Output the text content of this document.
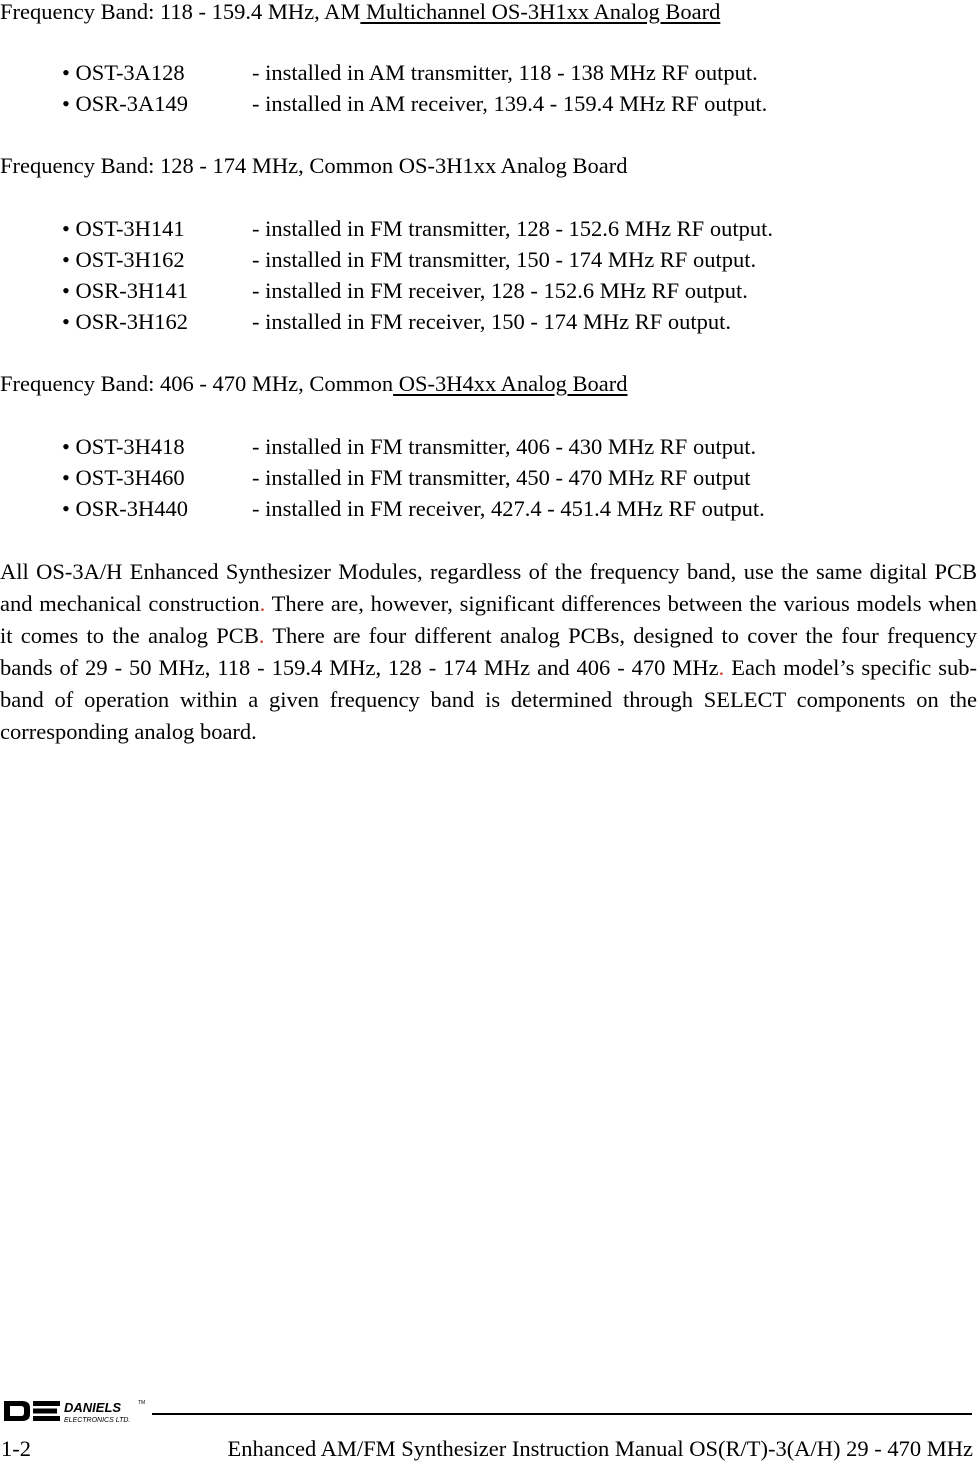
Frequency Band: 118 - 159.4 MHz, AM Multichannel OS-3H1xx Analog Board
• OST-3A128	- installed in AM transmitter, 118 - 138 MHz RF output.
• OSR-3A149	- installed in AM receiver, 139.4 - 159.4 MHz RF output.
Frequency Band: 128 - 174 MHz, Common OS-3H1xx Analog Board
• OST-3H141	- installed in FM transmitter, 128 - 152.6 MHz RF output.
• OST-3H162	- installed in FM transmitter, 150 - 174 MHz RF output.
• OSR-3H141	- installed in FM receiver, 128 - 152.6 MHz RF output.
• OSR-3H162	- installed in FM receiver, 150 - 174 MHz RF output.
Frequency Band: 406 - 470 MHz, Common OS-3H4xx Analog Board
• OST-3H418	- installed in FM transmitter, 406 - 430 MHz RF output.
• OST-3H460	- installed in FM transmitter, 450 - 470 MHz RF output
• OSR-3H440	- installed in FM receiver, 427.4 - 451.4 MHz RF output.
All OS-3A/H Enhanced Synthesizer Modules, regardless of the frequency band, use the same digital PCB and mechanical construction. There are, however, significant differences between the various models when it comes to the analog PCB. There are four different analog PCBs, designed to cover the four frequency bands of 29 - 50 MHz, 118 - 159.4 MHz, 128 - 174 MHz and 406 - 470 MHz. Each model’s specific sub-band of operation within a given frequency band is determined through SELECT components on the corresponding analog board.
DANIELS	TM
ELECTRONICS LTD.
1-2	Enhanced AM/FM Synthesizer Instruction Manual OS(R/T)-3(A/H) 29 - 470 MHz
